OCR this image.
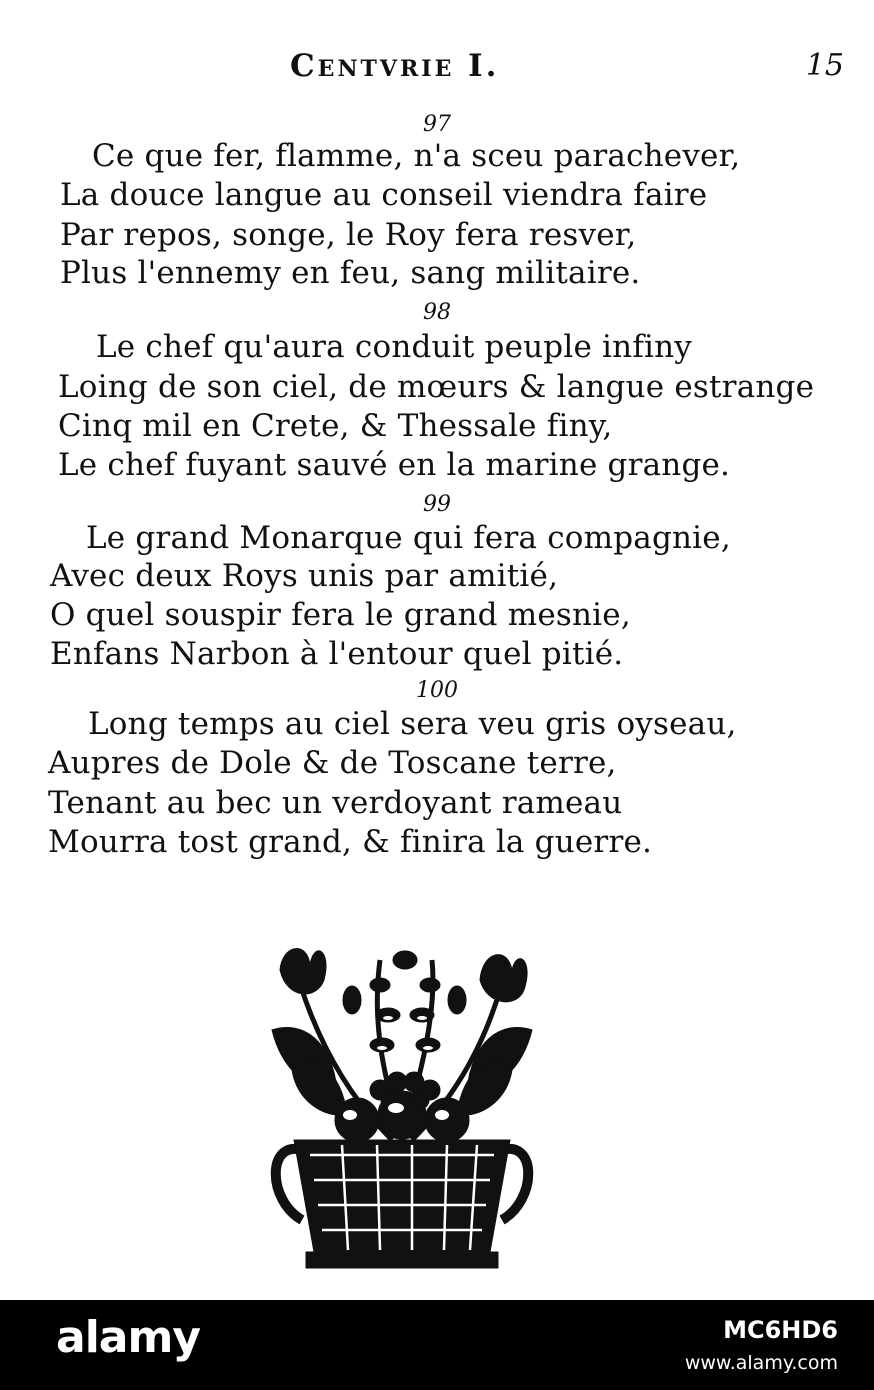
Centvrie I.	15
97
Ce que fer, flamme, n'a sceu parachever,
La douce langue au conseil viendra faire
Par repos, songe, le Roy fera resver,
Plus l'ennemy en feu, sang militaire.
98
Le chef qu'aura conduit peuple infiny
Loing de son ciel, de mœurs & langue estrange
Cinq mil en Crete, & Thessale finy,
Le chef fuyant sauvé en la marine grange.
99
Le grand Monarque qui fera compagnie,
Avec deux Roys unis par amitié,
O quel souspir fera le grand mesnie,
Enfans Narbon à l'entour quel pitié.
100
Long temps au ciel sera veu gris oyseau,
Aupres de Dole & de Toscane terre,
Tenant au bec un verdoyant rameau
Mourra tost grand, & finira la guerre.
alamy	MC6HD6
www.alamy.com
